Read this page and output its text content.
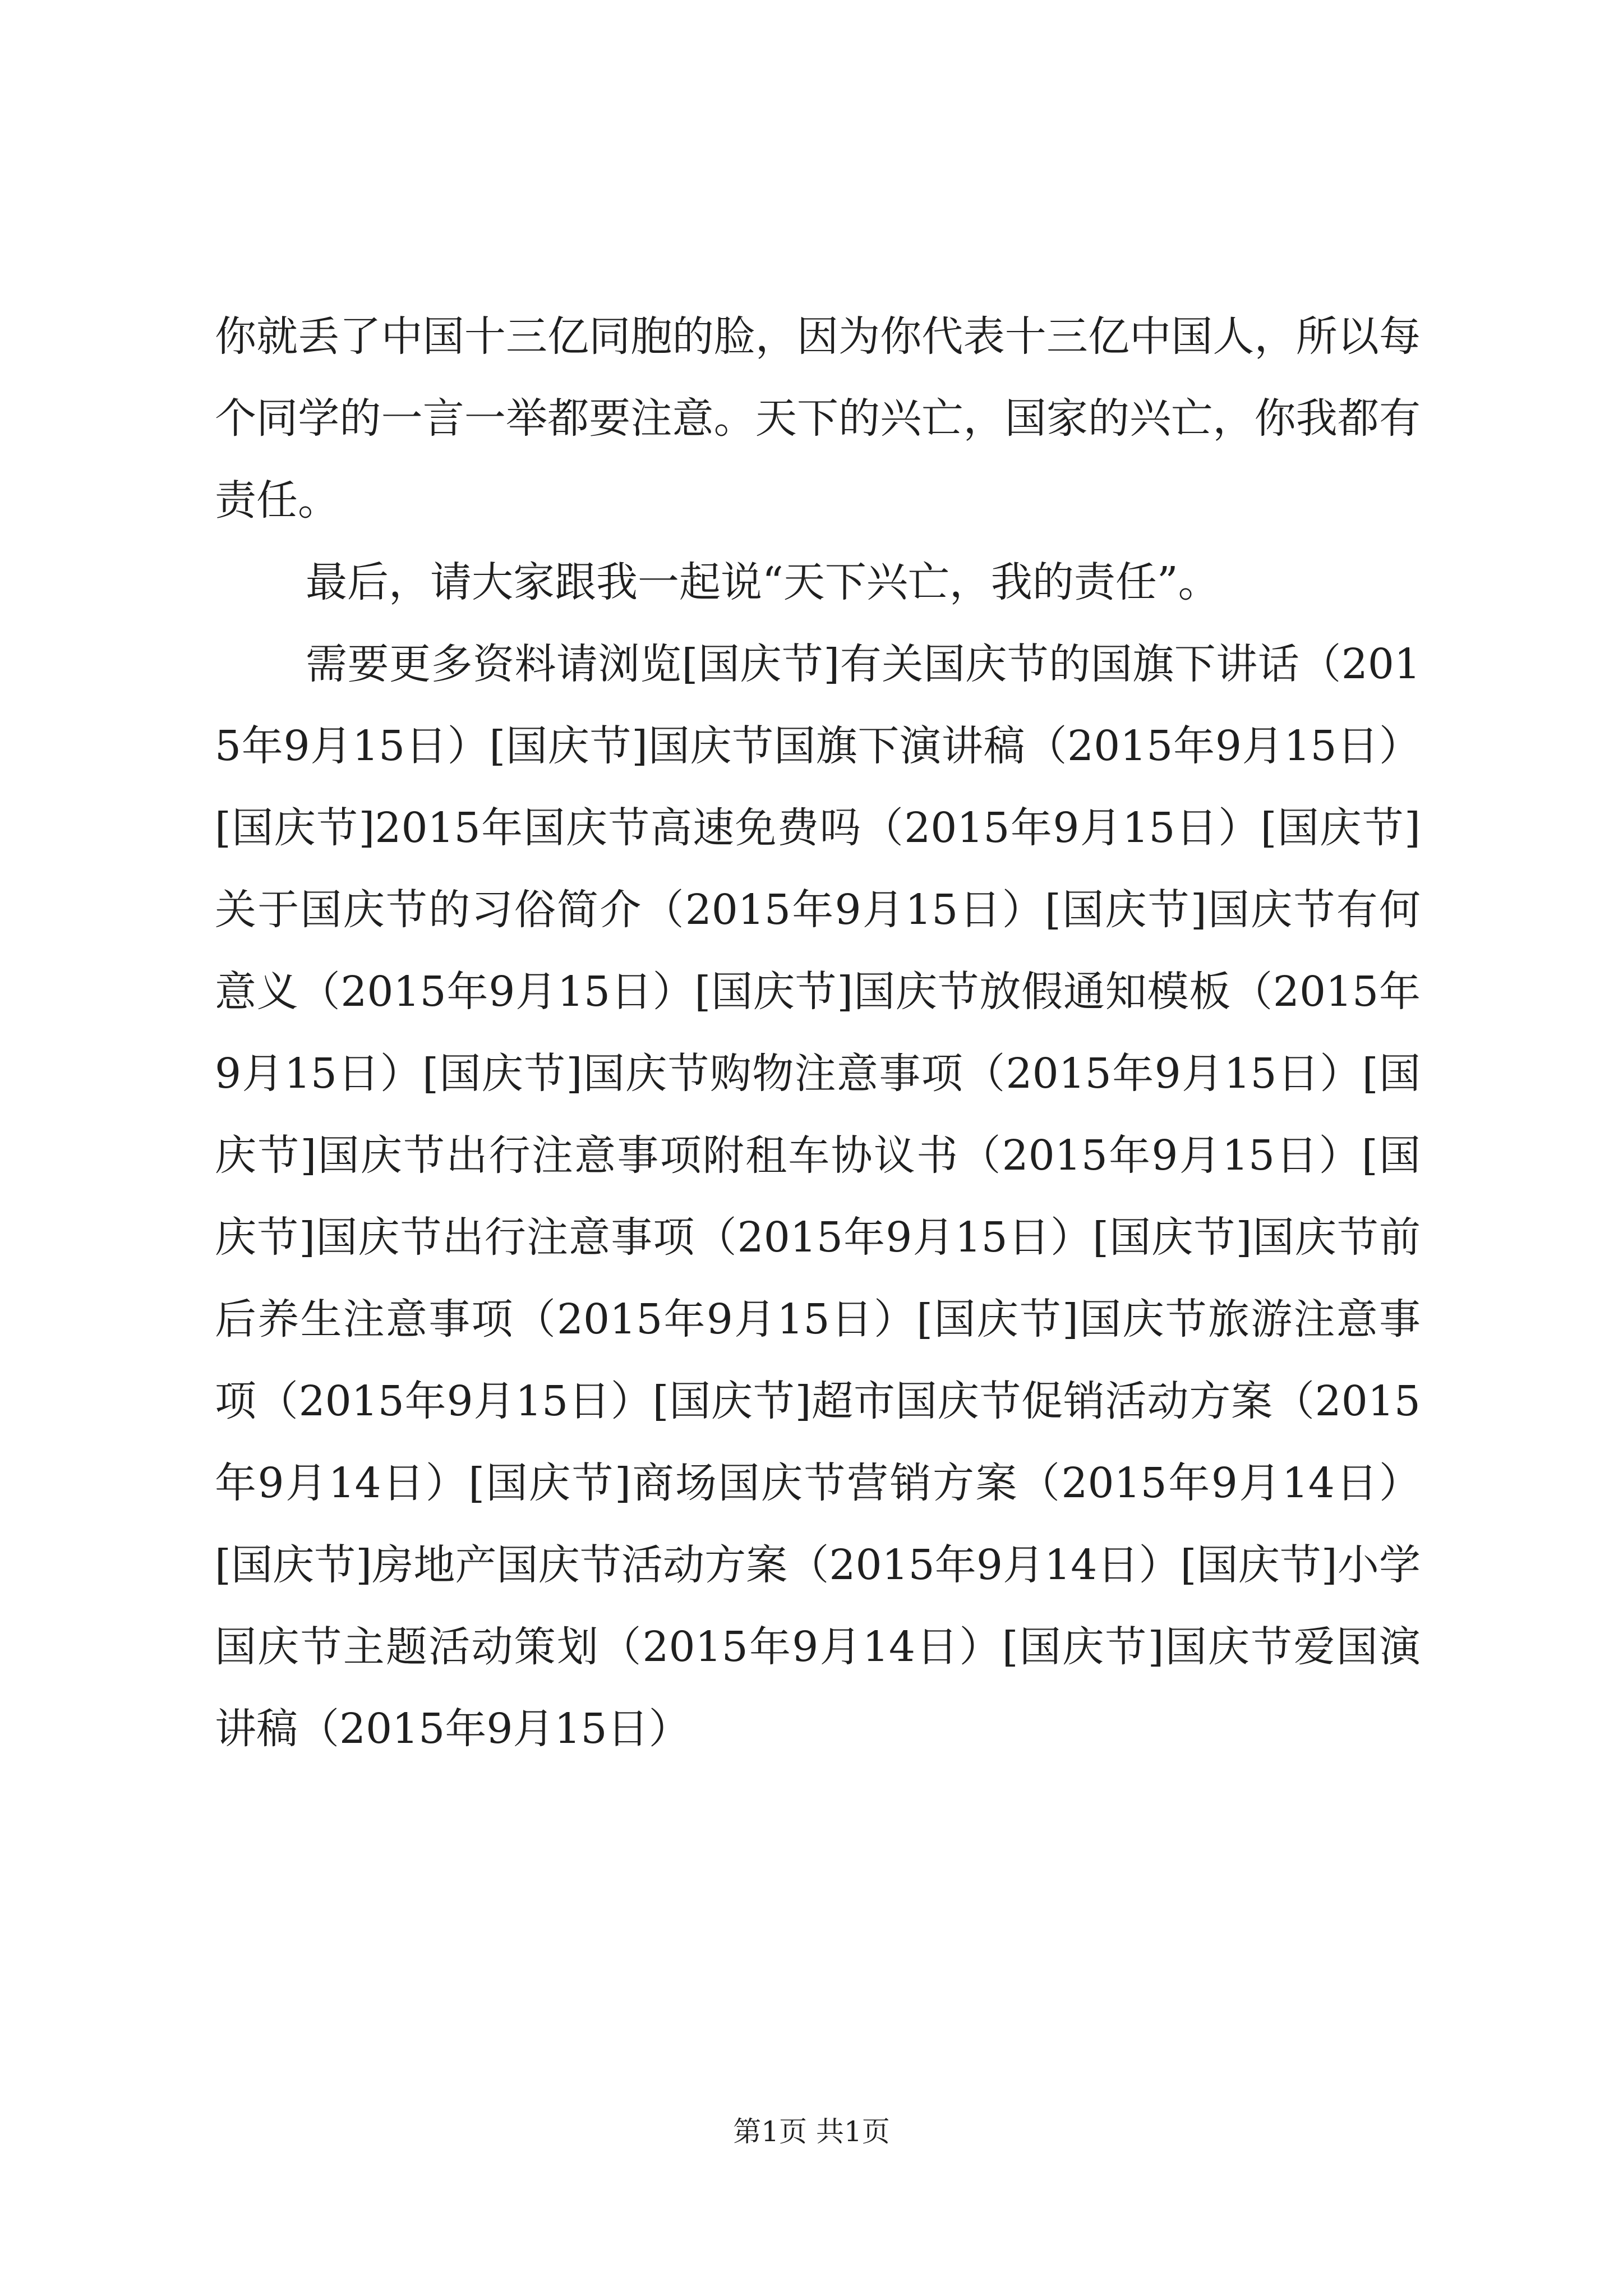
你就丢了中国十三亿同胞的脸，因为你代表十三亿中国人，所以每个同学的一言一举都要注意。天下的兴亡，国家的兴亡，你我都有责任。

最后，请大家跟我一起说“天下兴亡，我的责任”。

需要更多资料请浏览[国庆节]有关国庆节的国旗下讲话（2015年9月15日）[国庆节]国庆节国旗下演讲稿（2015年9月15日）[国庆节]2015年国庆节高速免费吗（2015年9月15日）[国庆节]关于国庆节的习俗简介（2015年9月15日）[国庆节]国庆节有何意义（2015年9月15日）[国庆节]国庆节放假通知模板（2015年9月15日）[国庆节]国庆节购物注意事项（2015年9月15日）[国庆节]国庆节出行注意事项附租车协议书（2015年9月15日）[国庆节]国庆节出行注意事项（2015年9月15日）[国庆节]国庆节前后养生注意事项（2015年9月15日）[国庆节]国庆节旅游注意事项（2015年9月15日）[国庆节]超市国庆节促销活动方案（2015年9月14日）[国庆节]商场国庆节营销方案（2015年9月14日）[国庆节]房地产国庆节活动方案（2015年9月14日）[国庆节]小学国庆节主题活动策划（2015年9月14日）[国庆节]国庆节爱国演讲稿（2015年9月15日）

第1页 共1页
